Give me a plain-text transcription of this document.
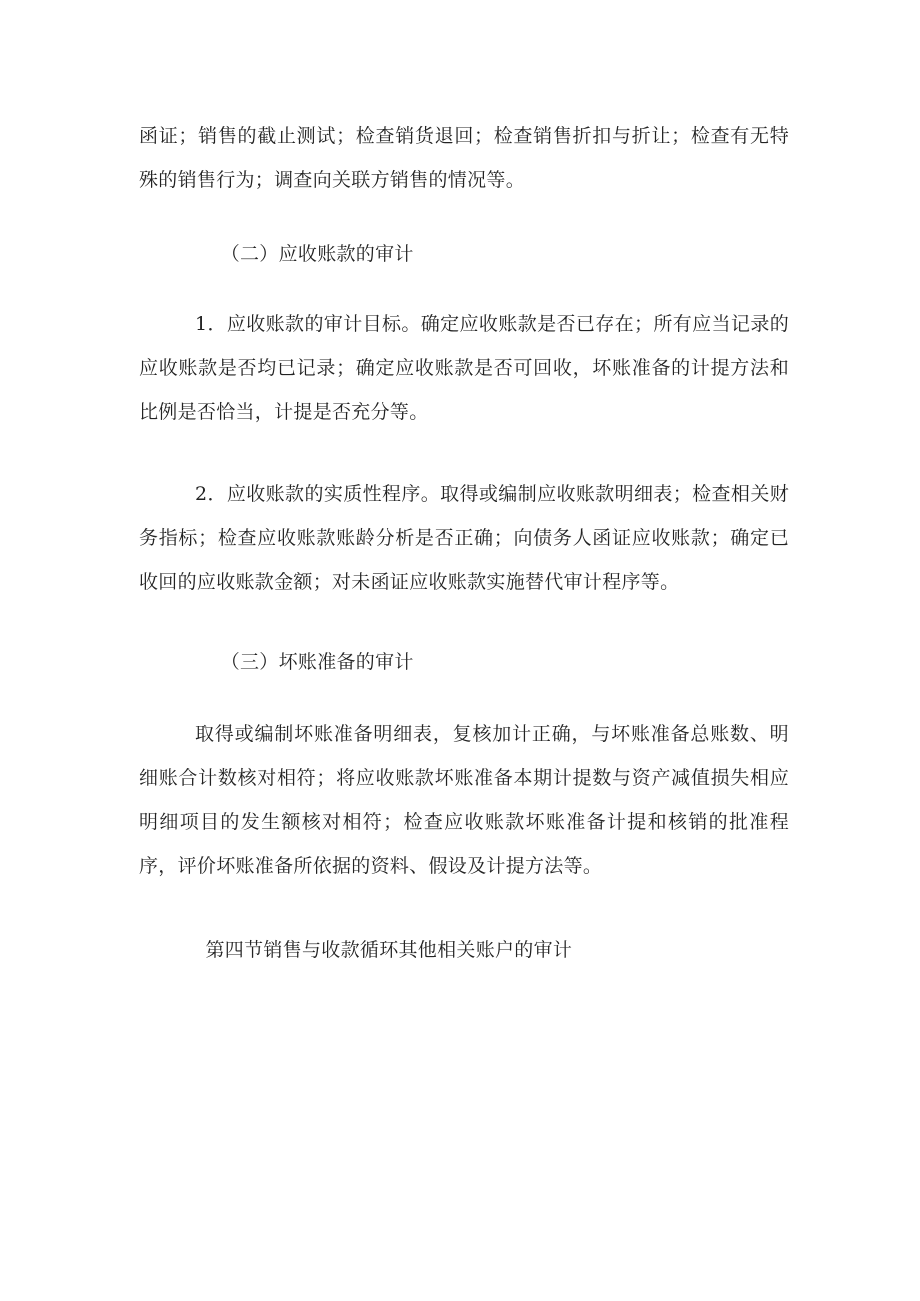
函证；销售的截止测试；检查销货退回；检查销售折扣与折让；检查有无特殊的销售行为；调查向关联方销售的情况等。

（二）应收账款的审计

1．应收账款的审计目标。确定应收账款是否已存在；所有应当记录的应收账款是否均已记录；确定应收账款是否可回收，坏账准备的计提方法和比例是否恰当，计提是否充分等。

2．应收账款的实质性程序。取得或编制应收账款明细表；检查相关财务指标；检查应收账款账龄分析是否正确；向债务人函证应收账款；确定已收回的应收账款金额；对未函证应收账款实施替代审计程序等。

（三）坏账准备的审计

取得或编制坏账准备明细表，复核加计正确，与坏账准备总账数、明细账合计数核对相符；将应收账款坏账准备本期计提数与资产减值损失相应明细项目的发生额核对相符；检查应收账款坏账准备计提和核销的批准程序，评价坏账准备所依据的资料、假设及计提方法等。

第四节销售与收款循环其他相关账户的审计
